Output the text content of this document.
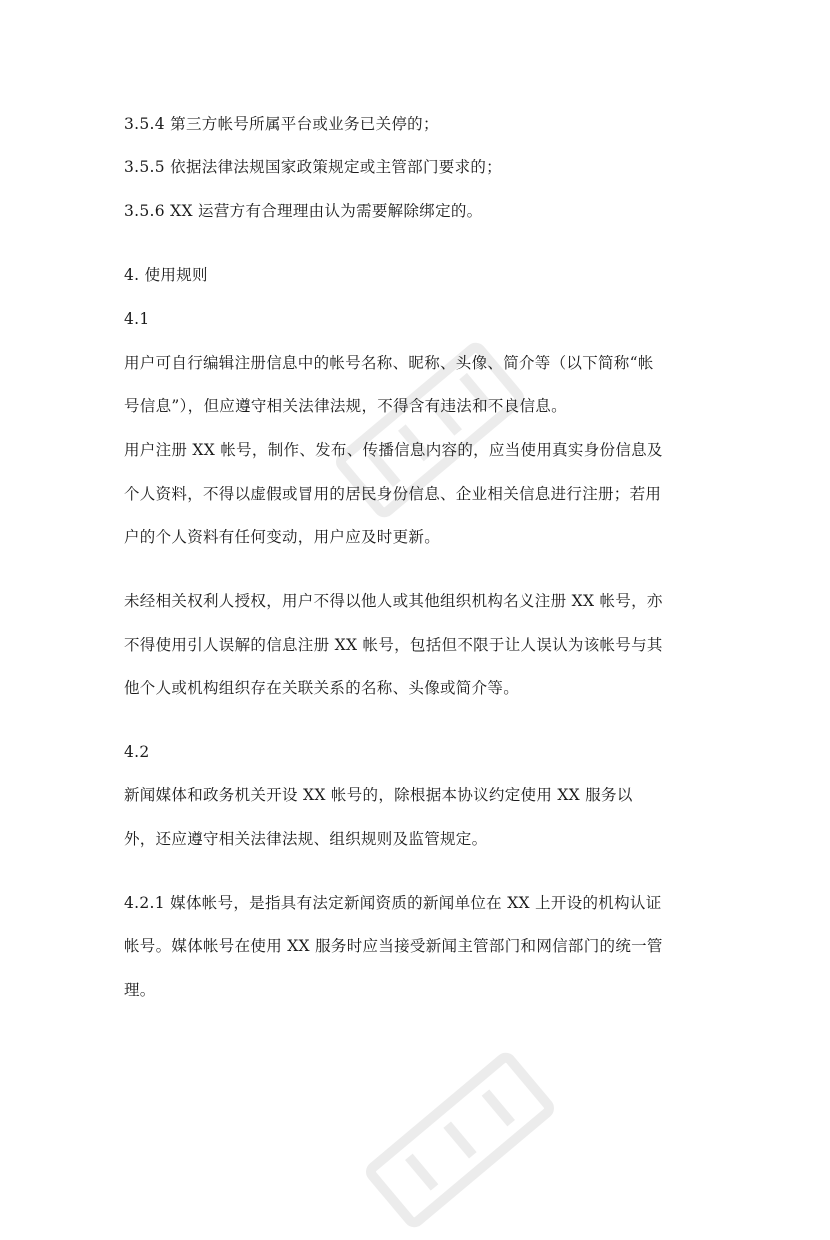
3.5.4 第三方帐号所属平台或业务已关停的；
3.5.5 依据法律法规国家政策规定或主管部门要求的；
3.5.6 XX 运营方有合理理由认为需要解除绑定的。
4. 使用规则
4.1
用户可自行编辑注册信息中的帐号名称、昵称、头像、简介等（以下简称“帐
号信息”），但应遵守相关法律法规，不得含有违法和不良信息。
用户注册 XX 帐号，制作、发布、传播信息内容的，应当使用真实身份信息及
个人资料，不得以虚假或冒用的居民身份信息、企业相关信息进行注册；若用
户的个人资料有任何变动，用户应及时更新。
未经相关权利人授权，用户不得以他人或其他组织机构名义注册 XX 帐号，亦
不得使用引人误解的信息注册 XX 帐号，包括但不限于让人误认为该帐号与其
他个人或机构组织存在关联关系的名称、头像或简介等。
4.2
新闻媒体和政务机关开设 XX 帐号的，除根据本协议约定使用 XX 服务以
外，还应遵守相关法律法规、组织规则及监管规定。
4.2.1 媒体帐号，是指具有法定新闻资质的新闻单位在 XX 上开设的机构认证
帐号。媒体帐号在使用 XX 服务时应当接受新闻主管部门和网信部门的统一管
理。
